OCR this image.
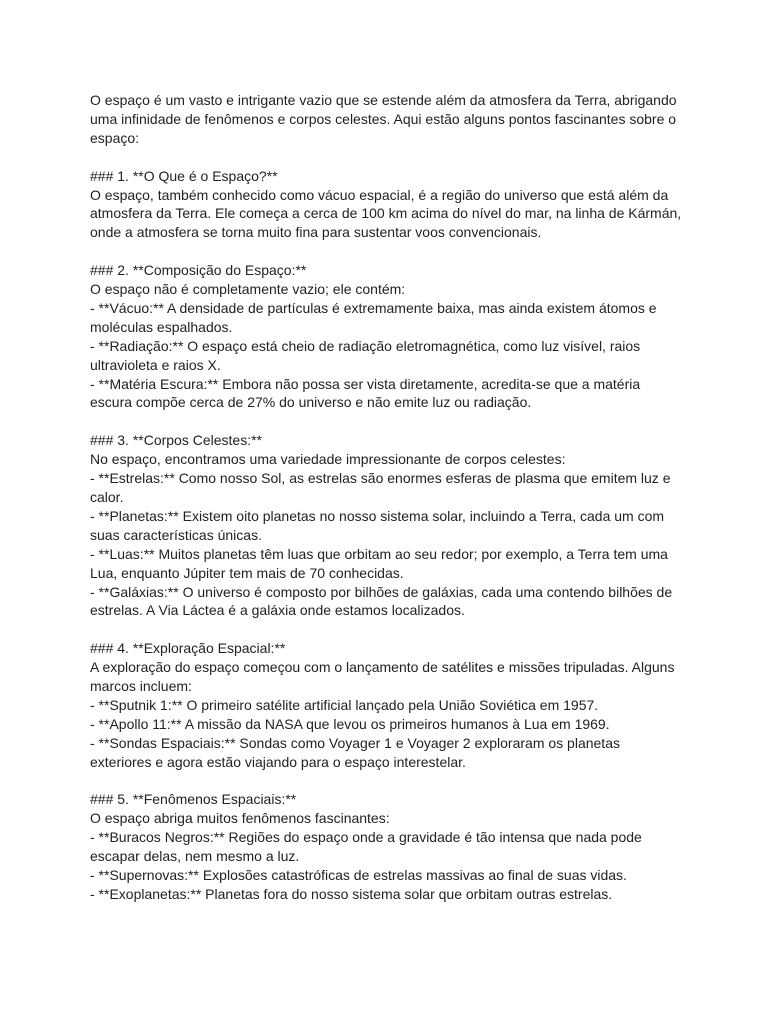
O espaço é um vasto e intrigante vazio que se estende além da atmosfera da Terra, abrigando
uma infinidade de fenômenos e corpos celestes. Aqui estão alguns pontos fascinantes sobre o
espaço:
### 1. **O Que é o Espaço?**
O espaço, também conhecido como vácuo espacial, é a região do universo que está além da
atmosfera da Terra. Ele começa a cerca de 100 km acima do nível do mar, na linha de Kármán,
onde a atmosfera se torna muito fina para sustentar voos convencionais.
### 2. **Composição do Espaço:**
O espaço não é completamente vazio; ele contém:
- **Vácuo:** A densidade de partículas é extremamente baixa, mas ainda existem átomos e
moléculas espalhados.
- **Radiação:** O espaço está cheio de radiação eletromagnética, como luz visível, raios
ultravioleta e raios X.
- **Matéria Escura:** Embora não possa ser vista diretamente, acredita-se que a matéria
escura compõe cerca de 27% do universo e não emite luz ou radiação.
### 3. **Corpos Celestes:**
No espaço, encontramos uma variedade impressionante de corpos celestes:
- **Estrelas:** Como nosso Sol, as estrelas são enormes esferas de plasma que emitem luz e
calor.
- **Planetas:** Existem oito planetas no nosso sistema solar, incluindo a Terra, cada um com
suas características únicas.
- **Luas:** Muitos planetas têm luas que orbitam ao seu redor; por exemplo, a Terra tem uma
Lua, enquanto Júpiter tem mais de 70 conhecidas.
- **Galáxias:** O universo é composto por bilhões de galáxias, cada uma contendo bilhões de
estrelas. A Via Láctea é a galáxia onde estamos localizados.
### 4. **Exploração Espacial:**
A exploração do espaço começou com o lançamento de satélites e missões tripuladas. Alguns
marcos incluem:
- **Sputnik 1:** O primeiro satélite artificial lançado pela União Soviética em 1957.
- **Apollo 11:** A missão da NASA que levou os primeiros humanos à Lua em 1969.
- **Sondas Espaciais:** Sondas como Voyager 1 e Voyager 2 exploraram os planetas
exteriores e agora estão viajando para o espaço interestelar.
### 5. **Fenômenos Espaciais:**
O espaço abriga muitos fenômenos fascinantes:
- **Buracos Negros:** Regiões do espaço onde a gravidade é tão intensa que nada pode
escapar delas, nem mesmo a luz.
- **Supernovas:** Explosões catastróficas de estrelas massivas ao final de suas vidas.
- **Exoplanetas:** Planetas fora do nosso sistema solar que orbitam outras estrelas.
